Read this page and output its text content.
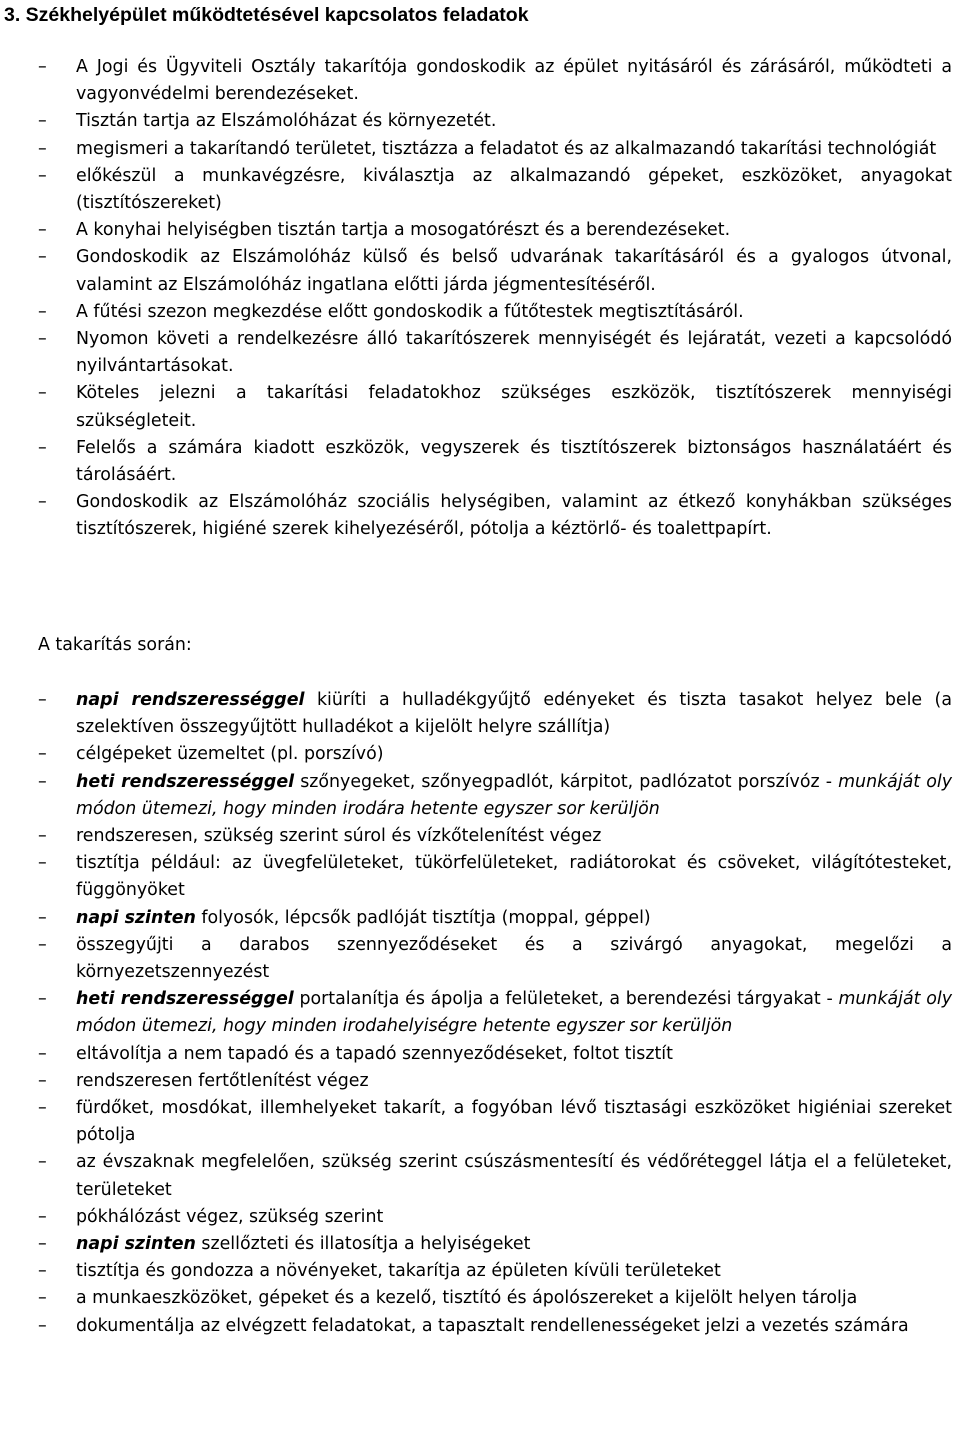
3. Székhelyépület működtetésével kapcsolatos feladatok
–	A Jogi és Ügyviteli Osztály takarítója gondoskodik az épület nyitásáról és zárásáról, működteti a vagyonvédelmi berendezéseket.
–	Tisztán tartja az Elszámolóházat és környezetét.
–	megismeri a takarítandó területet, tisztázza a feladatot és az alkalmazandó takarítási technológiát
–	előkészül a munkavégzésre, kiválasztja az alkalmazandó gépeket, eszközöket, anyagokat (tisztítószereket)
–	A konyhai helyiségben tisztán tartja a mosogatórészt és a berendezéseket.
–	Gondoskodik az Elszámolóház külső és belső udvarának takarításáról és a gyalogos útvonal, valamint az Elszámolóház ingatlana előtti járda jégmentesítéséről.
–	A fűtési szezon megkezdése előtt gondoskodik a fűtőtestek megtisztításáról.
–	Nyomon követi a rendelkezésre álló takarítószerek mennyiségét és lejáratát, vezeti a kapcsolódó nyilvántartásokat.
–	Köteles jelezni a takarítási feladatokhoz szükséges eszközök, tisztítószerek mennyiségi szükségleteit.
–	Felelős a számára kiadott eszközök, vegyszerek és tisztítószerek biztonságos használatáért és tárolásáért.
–	Gondoskodik az Elszámolóház szociális helységiben, valamint az étkező konyhákban szükséges tisztítószerek, higiéné szerek kihelyezéséről, pótolja a kéztörlő- és toalettpapírt.

A takarítás során:

–	napi rendszerességgel kiüríti a hulladékgyűjtő edényeket és tiszta tasakot helyez bele (a szelektíven összegyűjtött hulladékot a kijelölt helyre szállítja)
–	célgépeket üzemeltet (pl. porszívó)
–	heti rendszerességgel szőnyegeket, szőnyegpadlót, kárpitot, padlózatot porszívóz - munkáját oly módon ütemezi, hogy minden irodára hetente egyszer sor kerüljön
–	rendszeresen, szükség szerint súrol és vízkőtelenítést végez
–	tisztítja például: az üvegfelületeket, tükörfelületeket, radiátorokat és csöveket, világítótesteket, függönyöket
–	napi szinten folyosók, lépcsők padlóját tisztítja (moppal, géppel)
–	összegyűjti a darabos szennyeződéseket és a szivárgó anyagokat, megelőzi a környezetszennyezést
–	heti rendszerességgel portalanítja és ápolja a felületeket, a berendezési tárgyakat - munkáját oly módon ütemezi, hogy minden irodahelyiségre hetente egyszer sor kerüljön
–	eltávolítja a nem tapadó és a tapadó szennyeződéseket, foltot tisztít
–	rendszeresen fertőtlenítést végez
–	fürdőket, mosdókat, illemhelyeket takarít, a fogyóban lévő tisztasági eszközöket higiéniai szereket pótolja
–	az évszaknak megfelelően, szükség szerint csúszásmentesítí és védőréteggel látja el a felületeket, területeket
–	pókhálózást végez, szükség szerint
–	napi szinten szellőzteti és illatosítja a helyiségeket
–	tisztítja és gondozza a növényeket, takarítja az épületen kívüli területeket
–	a munkaeszközöket, gépeket és a kezelő, tisztító és ápolószereket a kijelölt helyen tárolja
–	dokumentálja az elvégzett feladatokat, a tapasztalt rendellenességeket jelzi a vezetés számára
